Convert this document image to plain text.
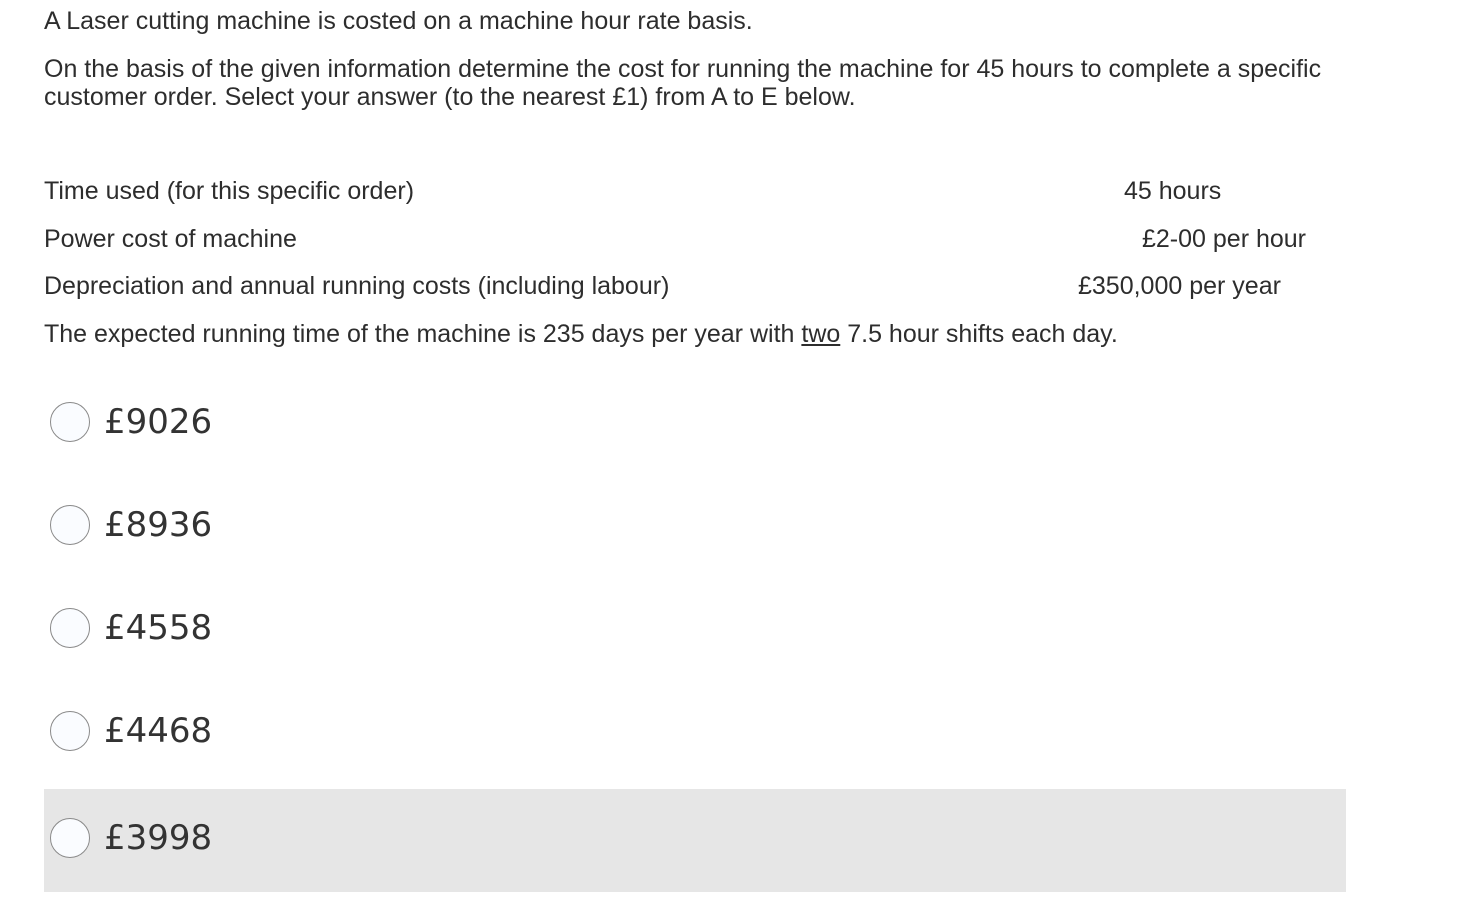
A Laser cutting machine is costed on a machine hour rate basis.
On the basis of the given information determine the cost for running the machine for 45 hours to complete a specific customer order. Select your answer (to the nearest £1) from A to E below.
Time used (for this specific order)	45 hours
Power cost of machine	£2-00 per hour
Depreciation and annual running costs (including labour)	£350,000 per year
The expected running time of the machine is 235 days per year with two 7.5 hour shifts each day.
£9026
£8936
£4558
£4468
£3998
